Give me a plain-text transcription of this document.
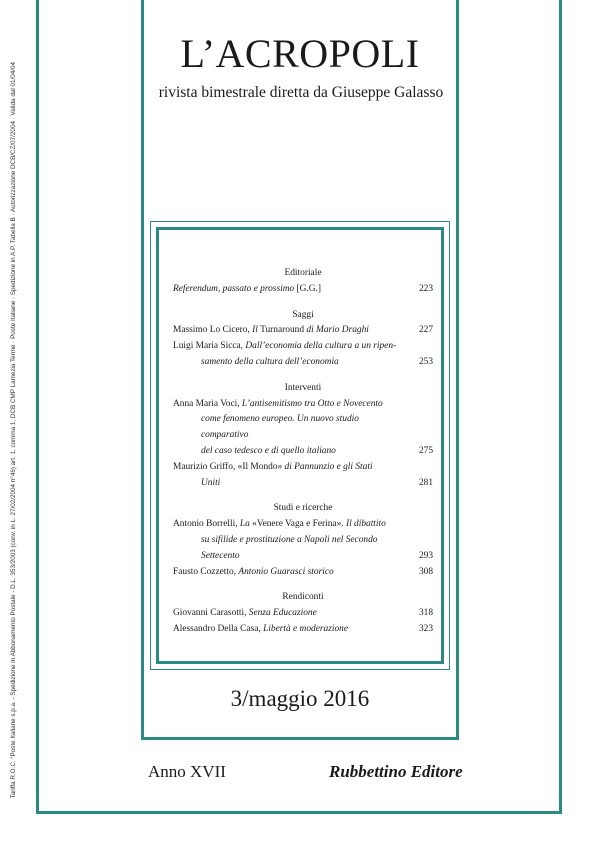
Tariffa R.O.C. “Poste Italiane s.p.a. - Spedizione in Abbonamento Postale - D.L. 353/2003 (conv. in L. 27/02/2004 n°46) art. 1, comma 1, DCB CMP Lamezia Terme · Poste Italiane · Spedizione in A.P. Tabella B · Autorizzazione DCB/CZ/07/2004 · Valida dal 01/04/04
L’ACROPOLI

rivista bimestrale diretta da Giuseppe Galasso

Editoriale

Referendum, passato e prossimo [G.G.]	223

Saggi

Massimo Lo Cicero, Il Turnaround di Mario Draghi	227
Luigi Maria Sicca, Dall’economia della cultura a un ripen-
samento della cultura dell’economia	253

Interventi

Anna Maria Voci, L’antisemitismo tra Otto e Novecento
come fenomeno europeo. Un nuovo studio comparativo
del caso tedesco e di quello italiano	275
Maurizio Griffo, «Il Mondo» di Pannunzio e gli Stati
Uniti	281

Studi e ricerche

Antonio Borrelli, La «Venere Vaga e Ferina». Il dibattito
su sifilide e prostituzione a Napoli nel Secondo
Settecento	293
Fausto Cozzetto, Antonio Guarasci storico	308

Rendiconti

Giovanni Carasotti, Senza Educazione	318
Alessandro Della Casa, Libertà e moderazione	323

3/maggio 2016

Anno XVII	Rubbettino Editore
